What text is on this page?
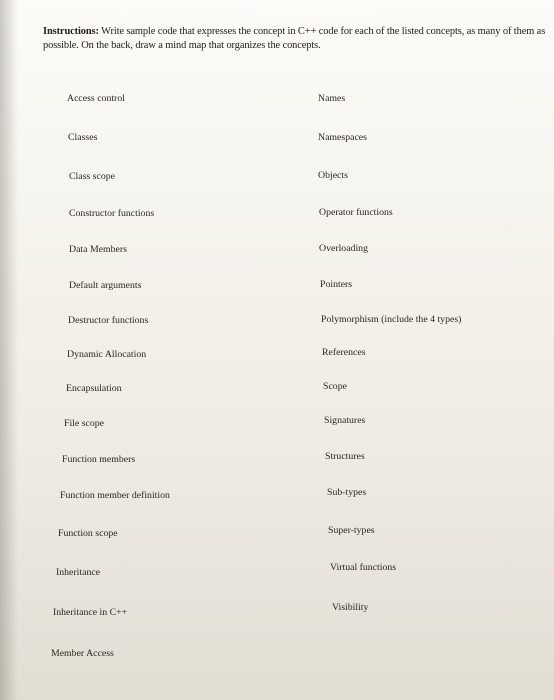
Instructions: Write sample code that expresses the concept in C++ code for each of the listed concepts, as many of them as possible. On the back, draw a mind map that organizes the concepts.
Access control
Classes
Class scope
Constructor functions
Data Members
Default arguments
Destructor functions
Dynamic Allocation
Encapsulation
File scope
Function members
Function member definition
Function scope
Inheritance
Inheritance in C++
Member Access
Names
Namespaces
Objects
Operator functions
Overloading
Pointers
Polymorphism (include the 4 types)
References
Scope
Signatures
Structures
Sub-types
Super-types
Virtual functions
Visibility
